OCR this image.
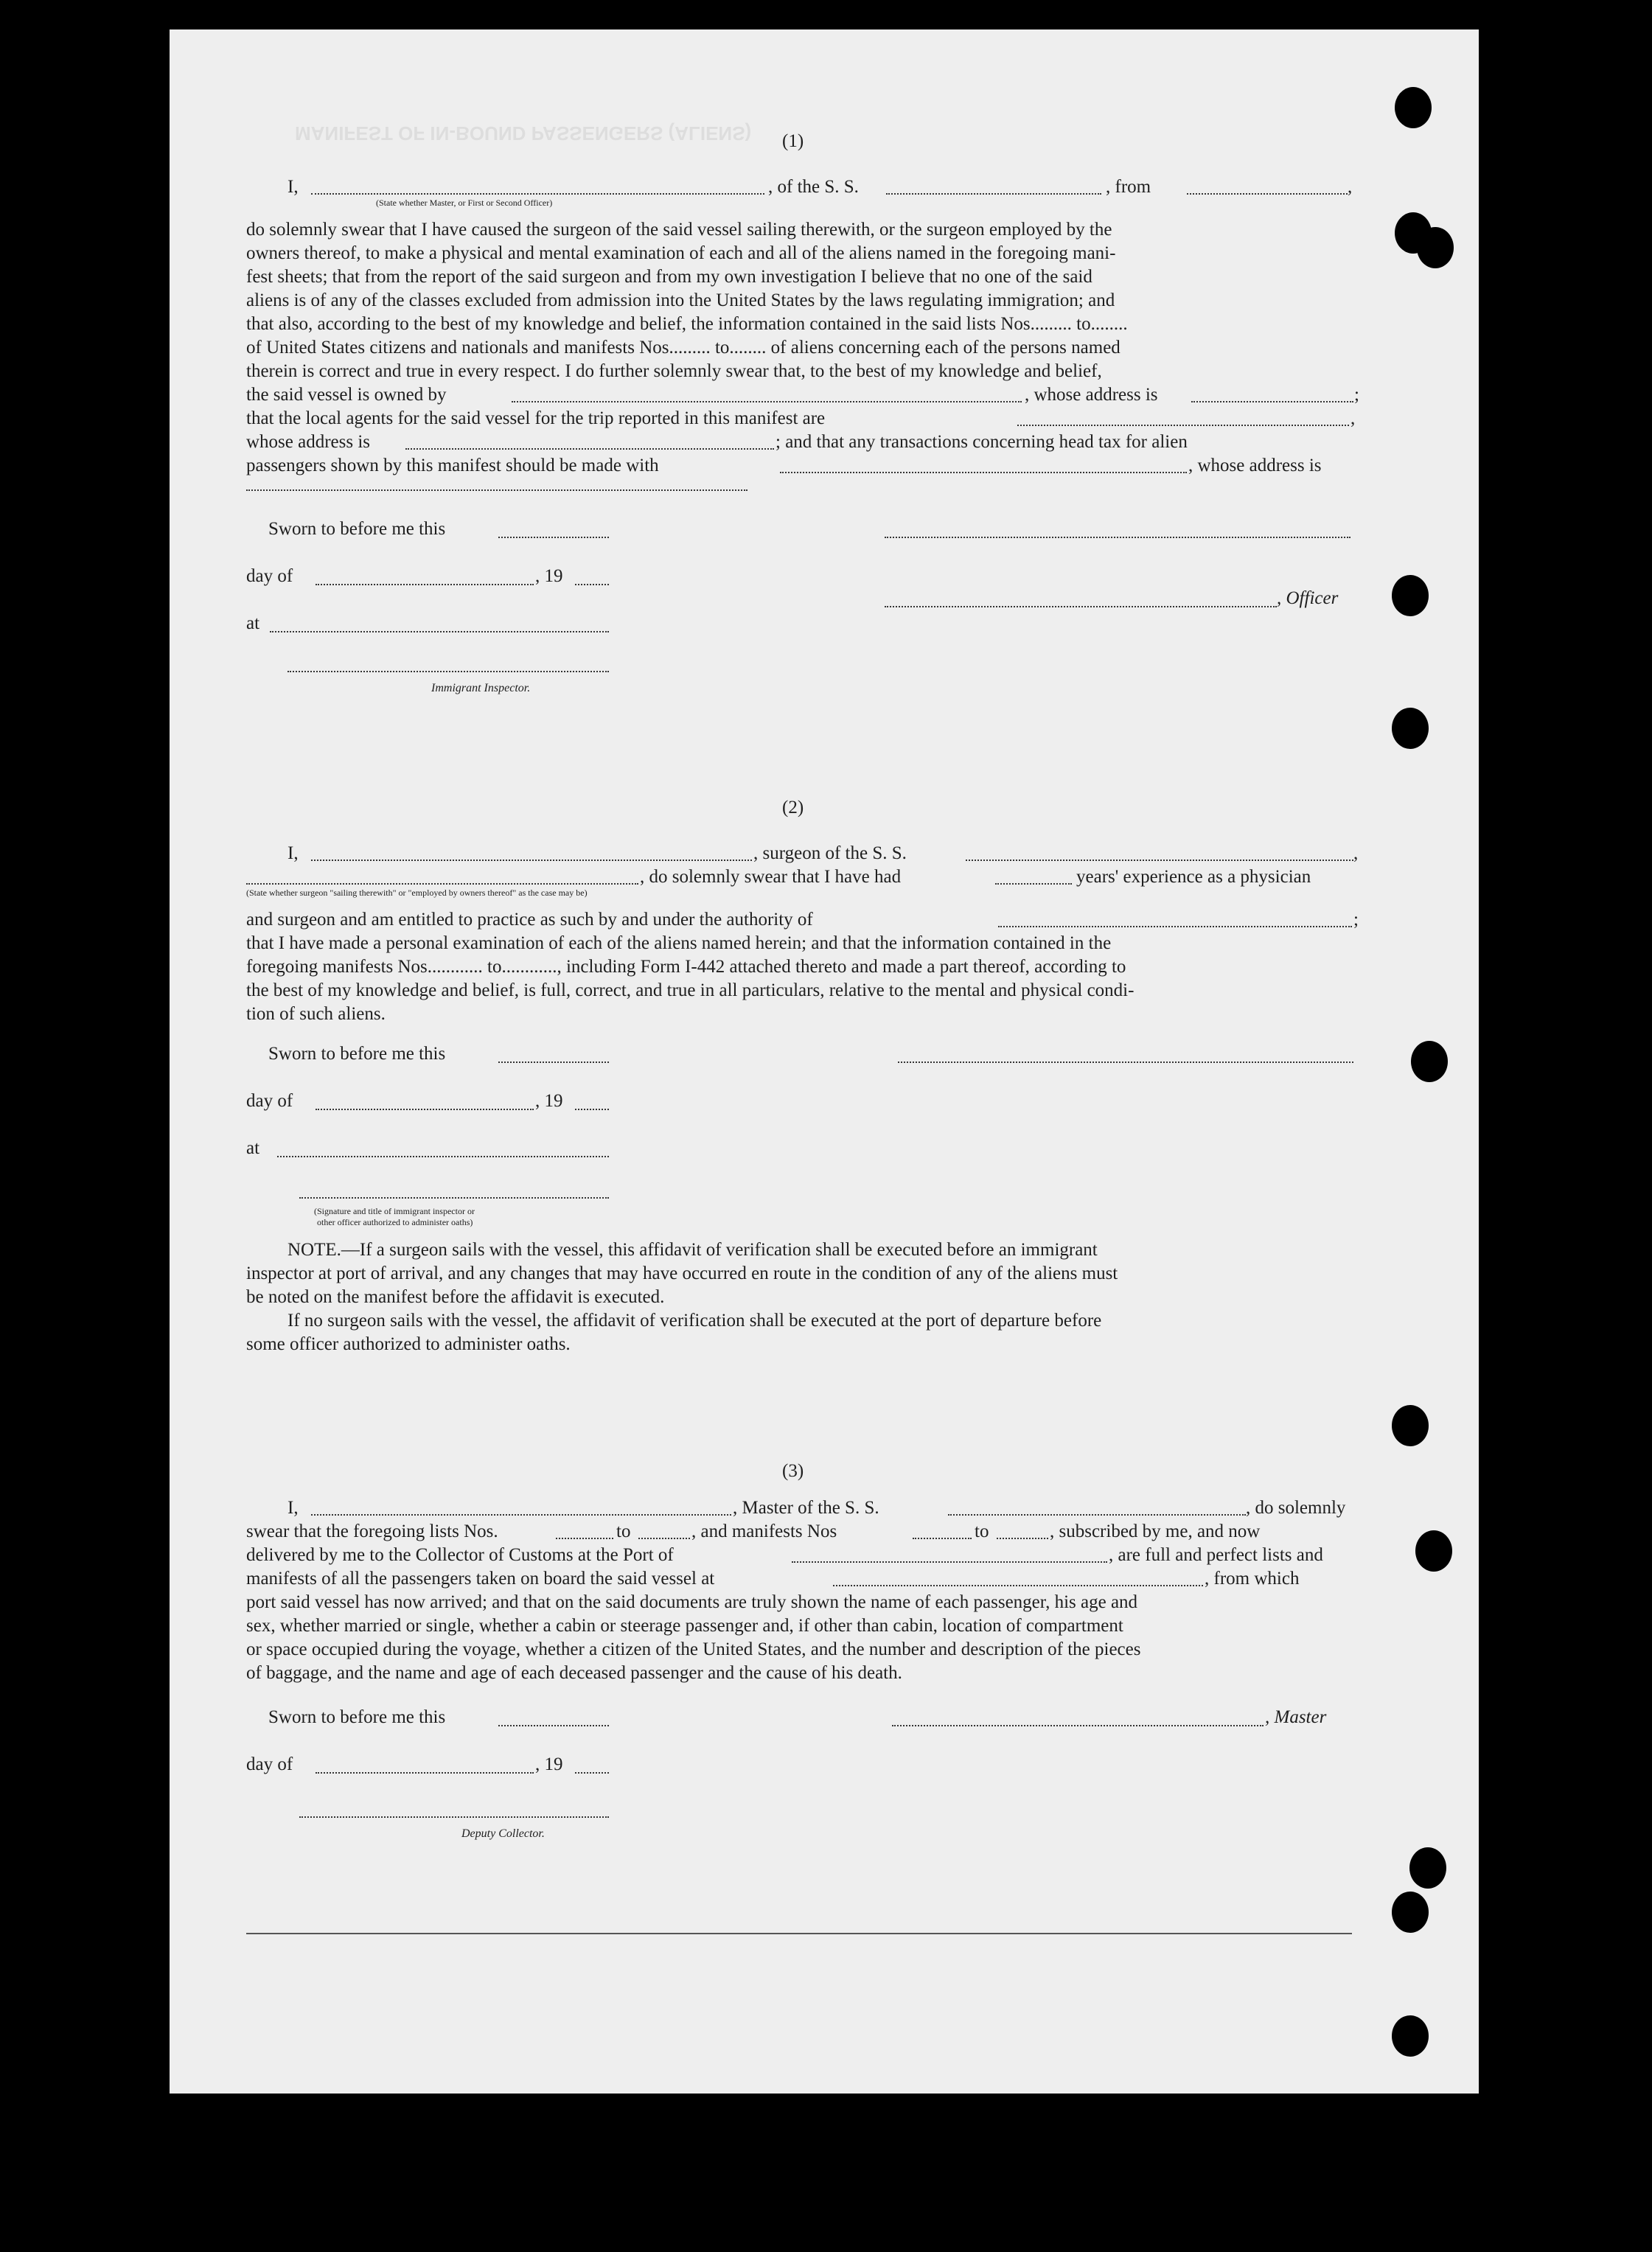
MANIFEST OF IN-BOUND PASSENGERS (ALIENS) (1)
I,	, of the S. S.	, from	,
(State whether Master, or First or Second Officer)
do solemnly swear that I have caused the surgeon of the said vessel sailing therewith, or the surgeon employed by the
owners thereof, to make a physical and mental examination of each and all of the aliens named in the foregoing mani-
fest sheets; that from the report of the said surgeon and from my own investigation I believe that no one of the said
aliens is of any of the classes excluded from admission into the United States by the laws regulating immigration; and
that also, according to the best of my knowledge and belief, the information contained in the said lists Nos......... to........
of United States citizens and nationals and manifests Nos......... to........ of aliens concerning each of the persons named
therein is correct and true in every respect. I do further solemnly swear that, to the best of my knowledge and belief,
the said vessel is owned by	, whose address is	;
that the local agents for the said vessel for the trip reported in this manifest are	,
whose address is	; and that any transactions concerning head tax for alien
passengers shown by this manifest should be made with	, whose address is
Sworn to before me this
day of	, 19
, Officer
at
Immigrant Inspector.
(2)
I,	, surgeon of the S. S.	,
, do solemnly swear that I have had	years' experience as a physician
(State whether surgeon "sailing therewith" or "employed by owners thereof" as the case may be)
and surgeon and am entitled to practice as such by and under the authority of	;
that I have made a personal examination of each of the aliens named herein; and that the information contained in the
foregoing manifests Nos............ to............, including Form I-442 attached thereto and made a part thereof, according to
the best of my knowledge and belief, is full, correct, and true in all particulars, relative to the mental and physical condi-
tion of such aliens.
Sworn to before me this
day of	, 19
at
(Signature and title of immigrant inspector or
other officer authorized to administer oaths)
NOTE.—If a surgeon sails with the vessel, this affidavit of verification shall be executed before an immigrant
inspector at port of arrival, and any changes that may have occurred en route in the condition of any of the aliens must
be noted on the manifest before the affidavit is executed.
If no surgeon sails with the vessel, the affidavit of verification shall be executed at the port of departure before
some officer authorized to administer oaths.
(3)
I,	, Master of the S. S.	, do solemnly
swear that the foregoing lists Nos.	to	, and manifests Nos	to	, subscribed by me, and now
delivered by me to the Collector of Customs at the Port of	, are full and perfect lists and
manifests of all the passengers taken on board the said vessel at	, from which
port said vessel has now arrived; and that on the said documents are truly shown the name of each passenger, his age and
sex, whether married or single, whether a cabin or steerage passenger and, if other than cabin, location of compartment
or space occupied during the voyage, whether a citizen of the United States, and the number and description of the pieces
of baggage, and the name and age of each deceased passenger and the cause of his death.
Sworn to before me this	, Master
day of	, 19
Deputy Collector.
